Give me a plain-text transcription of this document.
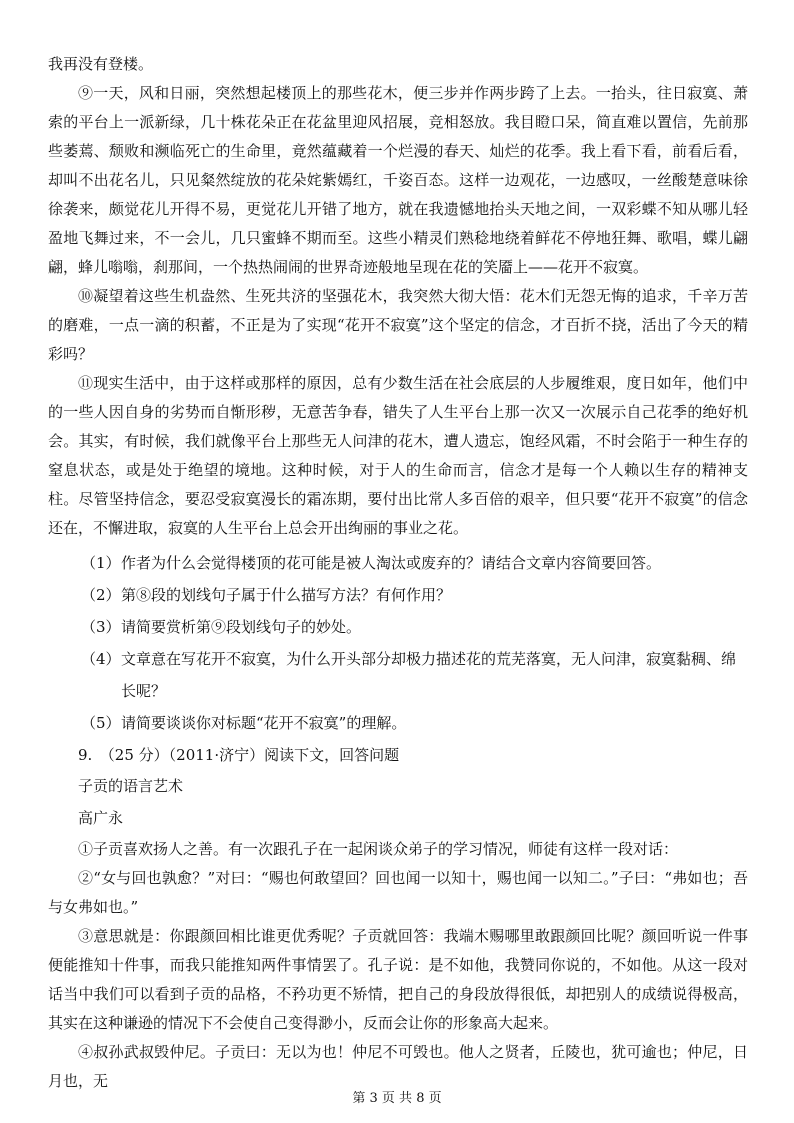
我再没有登楼。

⑨一天，风和日丽，突然想起楼顶上的那些花木，便三步并作两步跨了上去。一抬头，往日寂寞、萧索的平台上一派新绿，几十株花朵正在花盆里迎风招展，竞相怒放。我目瞪口呆，简直难以置信，先前那些萎蔫、颓败和濒临死亡的生命里，竟然蕴藏着一个烂漫的春天、灿烂的花季。我上看下看，前看后看，却叫不出花名儿，只见粲然绽放的花朵姹紫嫣红，千姿百态。这样一边观花，一边感叹，一丝酸楚意味徐徐袭来，颇觉花儿开得不易，更觉花儿开错了地方，就在我遗憾地抬头天地之间，一双彩蝶不知从哪儿轻盈地飞舞过来，不一会儿，几只蜜蜂不期而至。这些小精灵们熟稔地绕着鲜花不停地狂舞、歌唱，蝶儿翩翩，蜂儿嗡嗡，刹那间，一个热热闹闹的世界奇迹般地呈现在花的笑靥上——花开不寂寞。

⑩凝望着这些生机盎然、生死共济的坚强花木，我突然大彻大悟：花木们无怨无悔的追求，千辛万苦的磨难，一点一滴的积蓄，不正是为了实现“花开不寂寞”这个坚定的信念，才百折不挠，活出了今天的精彩吗？

⑪现实生活中，由于这样或那样的原因，总有少数生活在社会底层的人步履维艰，度日如年，他们中的一些人因自身的劣势而自惭形秽，无意苦争春，错失了人生平台上那一次又一次展示自己花季的绝好机会。其实，有时候，我们就像平台上那些无人问津的花木，遭人遗忘，饱经风霜，不时会陷于一种生存的窒息状态，或是处于绝望的境地。这种时候，对于人的生命而言，信念才是每一个人赖以生存的精神支柱。尽管坚持信念，要忍受寂寞漫长的霜冻期，要付出比常人多百倍的艰辛，但只要“花开不寂寞”的信念还在，不懈进取，寂寞的人生平台上总会开出绚丽的事业之花。

（1） 作者为什么会觉得楼顶的花可能是被人淘汰或废弃的？请结合文章内容简要回答。
（2） 第⑧段的划线句子属于什么描写方法？有何作用？
（3） 请简要赏析第⑨段划线句子的妙处。
（4） 文章意在写花开不寂寞，为什么开头部分却极力描述花的荒芜落寞，无人问津，寂寞黏稠、绵长呢？
（5） 请简要谈谈你对标题“花开不寂寞”的理解。

9.　（25 分）（2011·济宁）阅读下文，回答问题

子贡的语言艺术

高广永

①子贡喜欢扬人之善。有一次跟孔子在一起闲谈众弟子的学习情况，师徒有这样一段对话：

②“女与回也孰愈？”对曰：“赐也何敢望回？回也闻一以知十，赐也闻一以知二。”子曰：“弗如也；吾与女弗如也。”

③意思就是：你跟颜回相比谁更优秀呢？子贡就回答：我端木赐哪里敢跟颜回比呢？颜回听说一件事便能推知十件事，而我只能推知两件事情罢了。孔子说：是不如他，我赞同你说的，不如他。从这一段对话当中我们可以看到子贡的品格，不矜功更不矫情，把自己的身段放得很低，却把别人的成绩说得极高，其实在这种谦逊的情况下不会使自己变得渺小，反而会让你的形象高大起来。

④叔孙武叔毁仲尼。子贡曰：无以为也！仲尼不可毁也。他人之贤者，丘陵也，犹可逾也；仲尼，日月也，无

第 3 页 共 8 页
